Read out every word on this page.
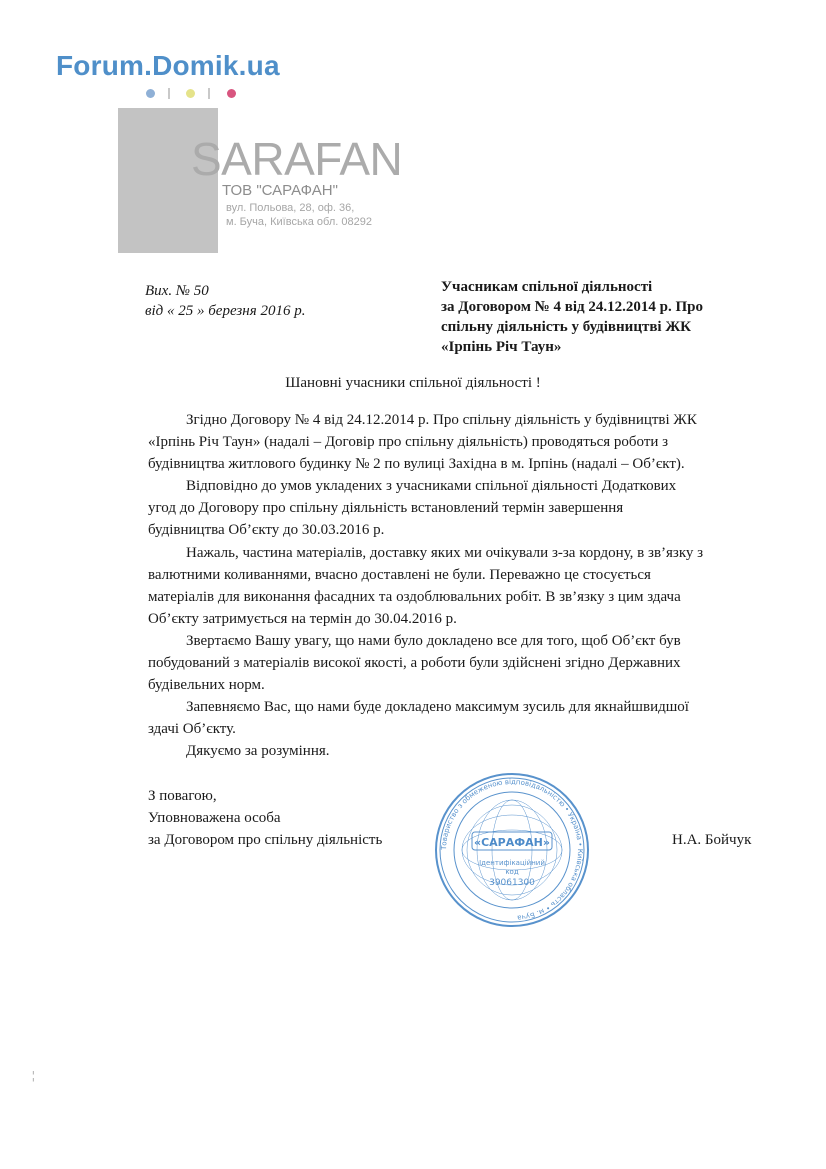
Forum.Domik.ua
SARAFAN
ТОВ "САРАФАН"
вул. Польова, 28, оф. 36,
м. Буча, Київська обл. 08292
Вих. № 50
від « 25 » березня 2016 р.
Учасникам спільної діяльності
за Договором № 4 від 24.12.2014 р. Про
спільну діяльність у будівництві ЖК
«Ірпінь Річ Таун»
Шановні учасники спільної діяльності !
Згідно Договору № 4 від 24.12.2014 р. Про спільну діяльність у будівництві ЖК
«Ірпінь Річ Таун» (надалі – Договір про спільну діяльність) проводяться роботи з
будівництва житлового будинку № 2 по вулиці Західна в м. Ірпінь (надалі – Об’єкт).
Відповідно до умов укладених з учасниками спільної діяльності Додаткових
угод до Договору про спільну діяльність встановлений термін завершення
будівництва Об’єкту до 30.03.2016 р.
Нажаль, частина матеріалів, доставку яких ми очікували з-за кордону, в зв’язку з
валютними коливаннями, вчасно доставлені не були. Переважно це стосується
матеріалів для виконання фасадних та оздоблювальних робіт. В зв’язку з цим здача
Об’єкту затримується на термін до 30.04.2016 р.
Звертаємо Вашу увагу, що нами було докладено все для того, щоб Об’єкт був
побудований з матеріалів високої якості, а роботи були здійснені згідно Державних
будівельних норм.
Запевняємо Вас, що нами буде докладено максимум зусиль для якнайшвидшої
здачі Об’єкту.
Дякуємо за розуміння.
З повагою,
Уповноважена особа
за Договором про спільну діяльність	Н.А. Бойчук
Товариство з обмеженою відповідальністю • Україна • Київська область • м. Буча
«САРАФАН»
Ідентифікаційний
код
39061300
¦
